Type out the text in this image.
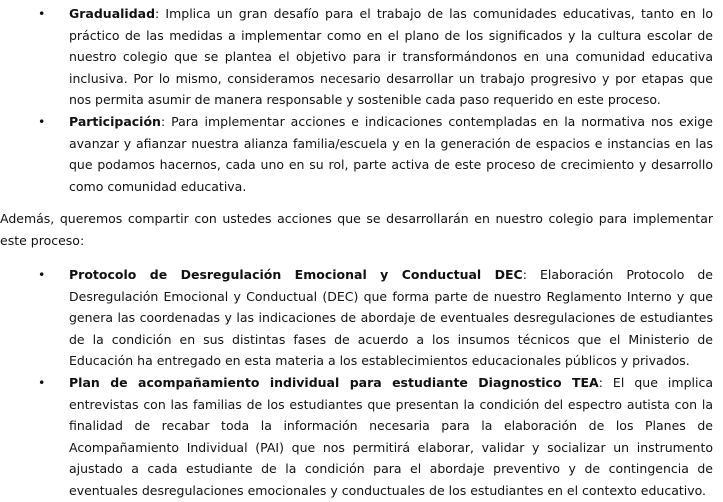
• Gradualidad: Implica un gran desafío para el trabajo de las comunidades educativas, tanto en lo práctico de las medidas a implementar como en el plano de los significados y la cultura escolar de nuestro colegio que se plantea el objetivo para ir transformándonos en una comunidad educativa inclusiva. Por lo mismo, consideramos necesario desarrollar un trabajo progresivo y por etapas que nos permita asumir de manera responsable y sostenible cada paso requerido en este proceso.
• Participación: Para implementar acciones e indicaciones contempladas en la normativa nos exige avanzar y afianzar nuestra alianza familia/escuela y en la generación de espacios e instancias en las que podamos hacernos, cada uno en su rol, parte activa de este proceso de crecimiento y desarrollo como comunidad educativa.

Además, queremos compartir con ustedes acciones que se desarrollarán en nuestro colegio para implementar este proceso:

• Protocolo de Desregulación Emocional y Conductual DEC: Elaboración Protocolo de Desregulación Emocional y Conductual (DEC) que forma parte de nuestro Reglamento Interno y que genera las coordenadas y las indicaciones de abordaje de eventuales desregulaciones de estudiantes de la condición en sus distintas fases de acuerdo a los insumos técnicos que el Ministerio de Educación ha entregado en esta materia a los establecimientos educacionales públicos y privados.
• Plan de acompañamiento individual para estudiante Diagnostico TEA: El que implica entrevistas con las familias de los estudiantes que presentan la condición del espectro autista con la finalidad de recabar toda la información necesaria para la elaboración de los Planes de Acompañamiento Individual (PAI) que nos permitirá elaborar, validar y socializar un instrumento ajustado a cada estudiante de la condición para el abordaje preventivo y de contingencia de eventuales desregulaciones emocionales y conductuales de los estudiantes en el contexto educativo.
